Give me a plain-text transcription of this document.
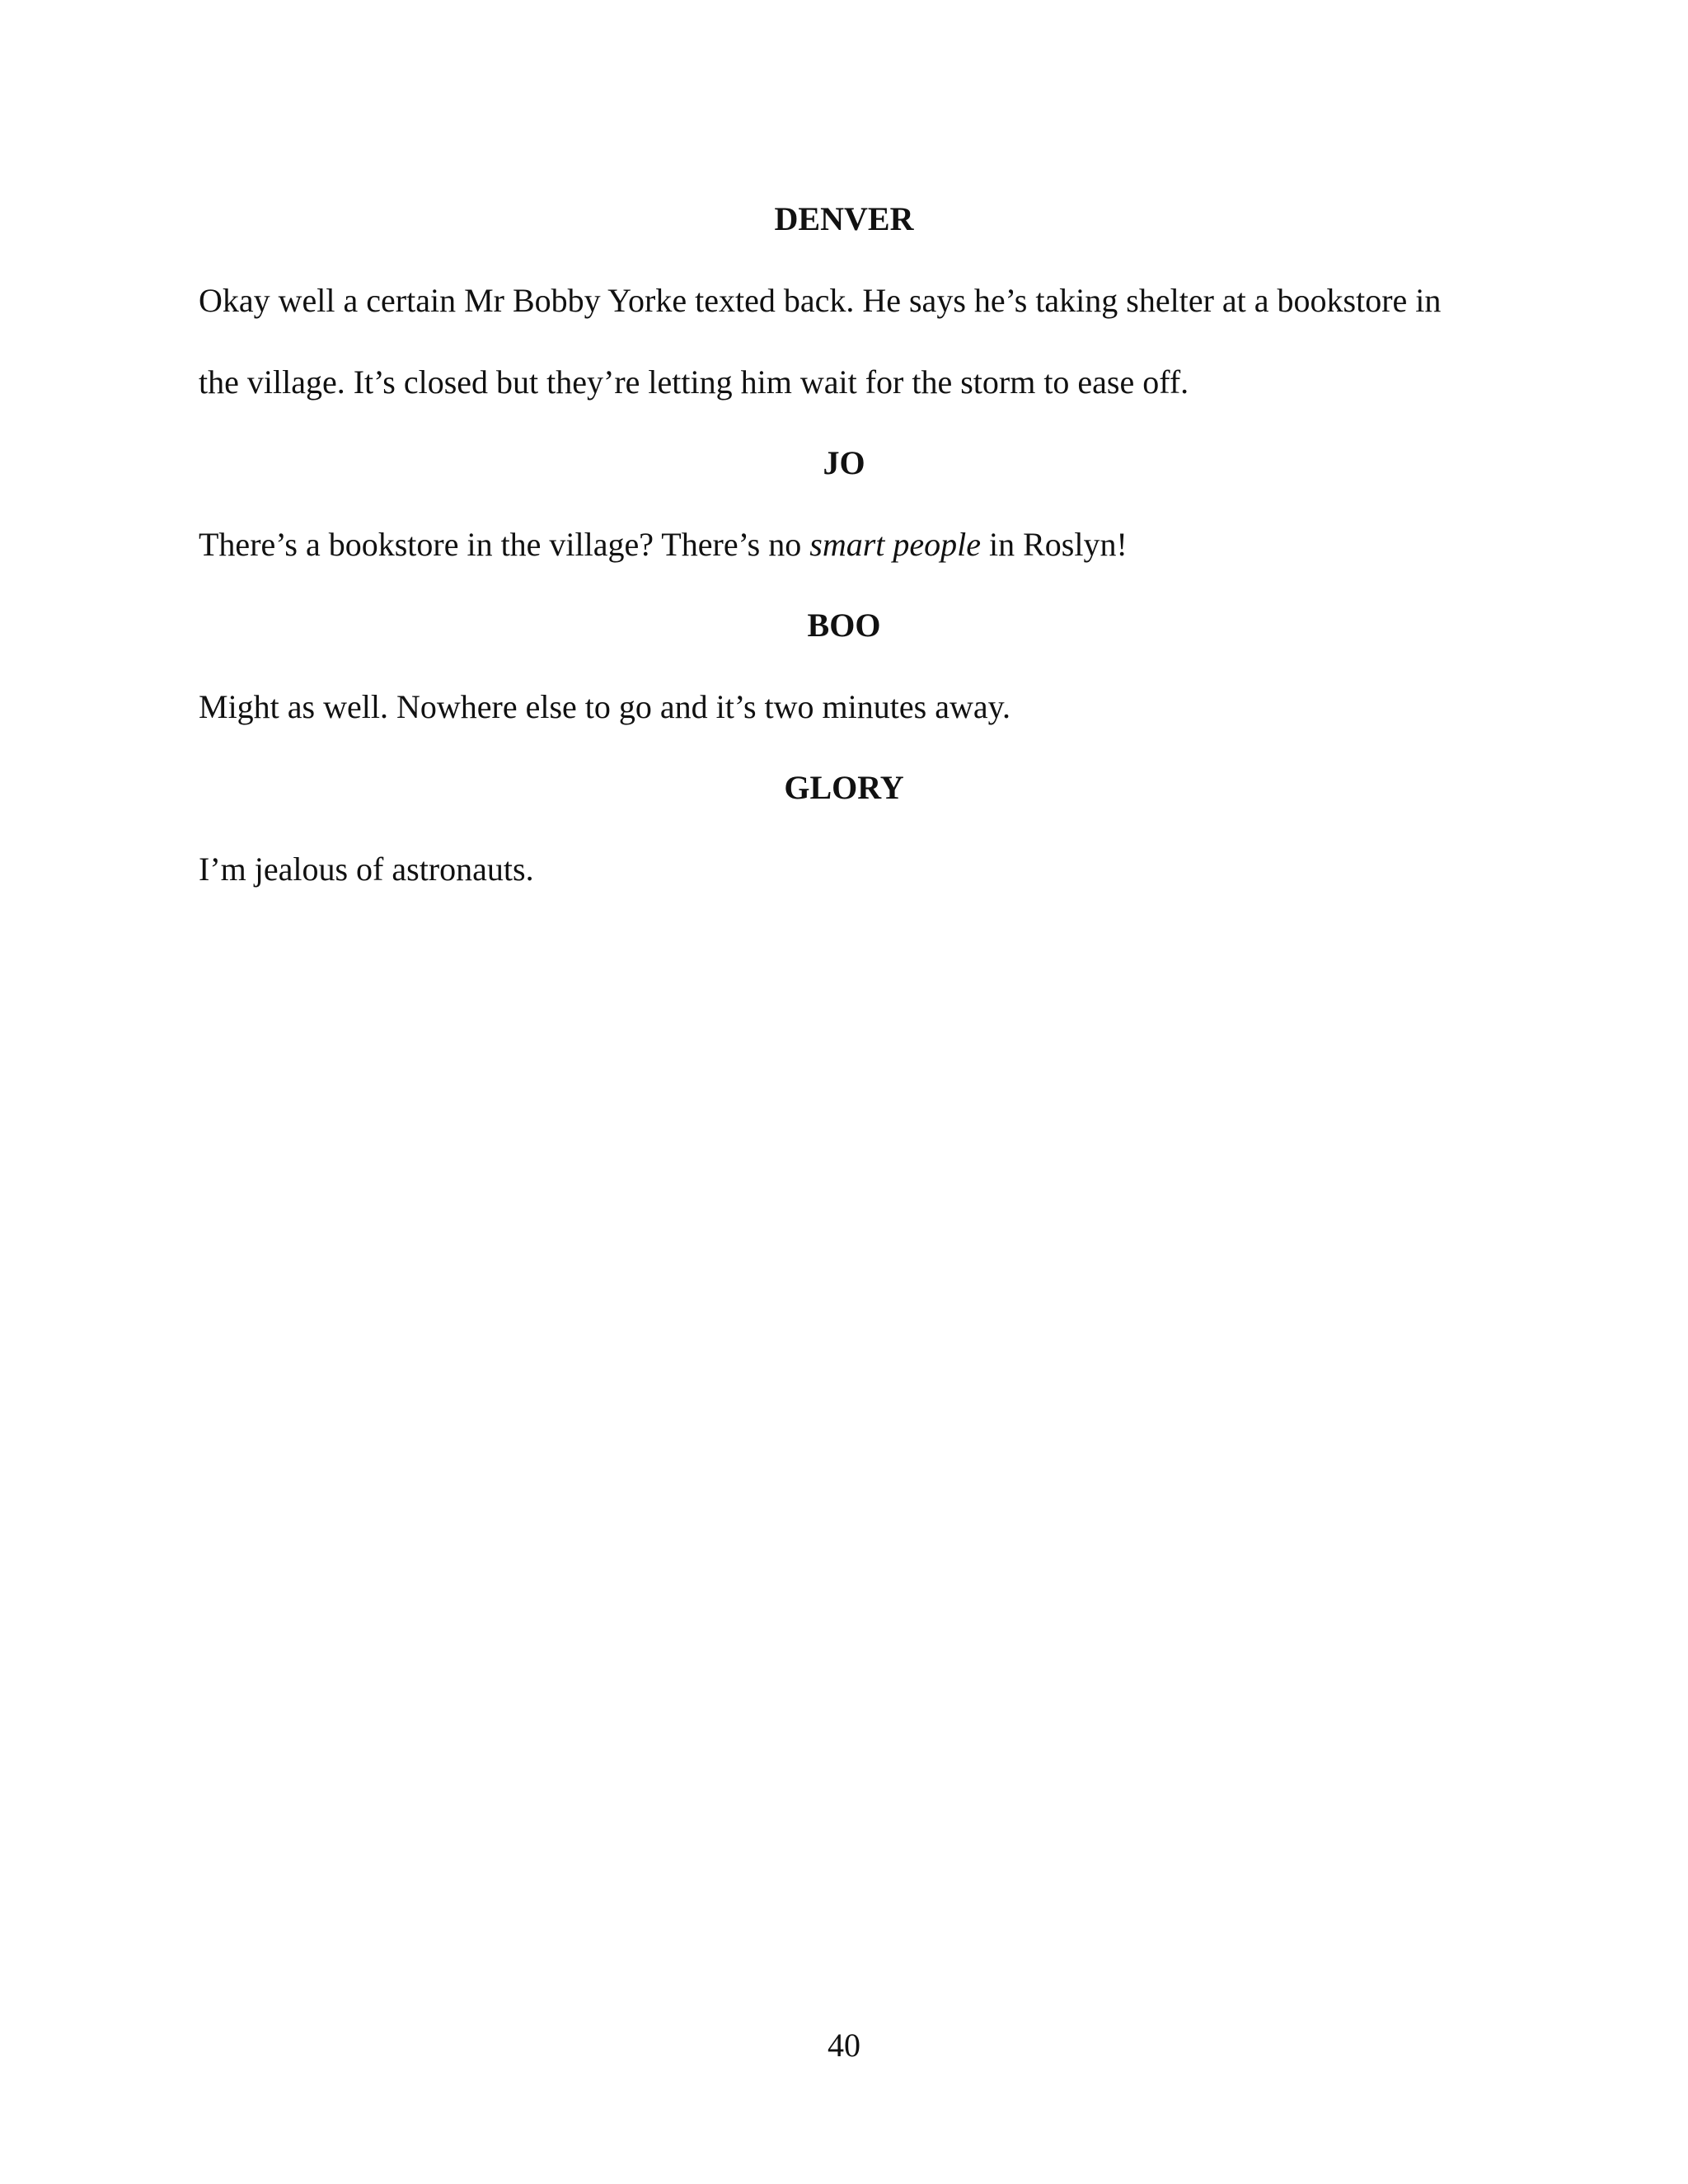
DENVER

Okay well a certain Mr Bobby Yorke texted back. He says he’s taking shelter at a bookstore in

the village. It’s closed but they’re letting him wait for the storm to ease off.

JO

There’s a bookstore in the village? There’s no smart people in Roslyn!

BOO

Might as well. Nowhere else to go and it’s two minutes away.

GLORY

I’m jealous of astronauts.

40
